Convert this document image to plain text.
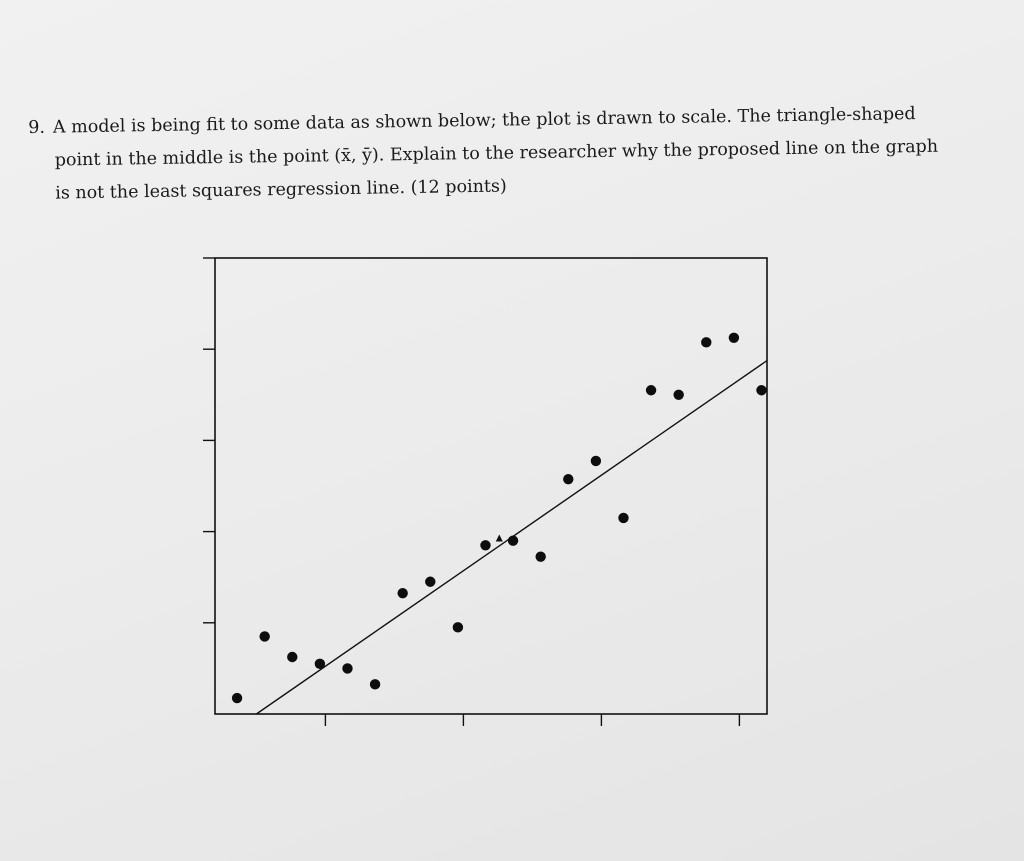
9. A model is being fit to some data as shown below; the plot is drawn to scale. The triangle-shaped
point in the middle is the point (x̄, ȳ). Explain to the researcher why the proposed line on the graph
is not the least squares regression line. (12 points)
